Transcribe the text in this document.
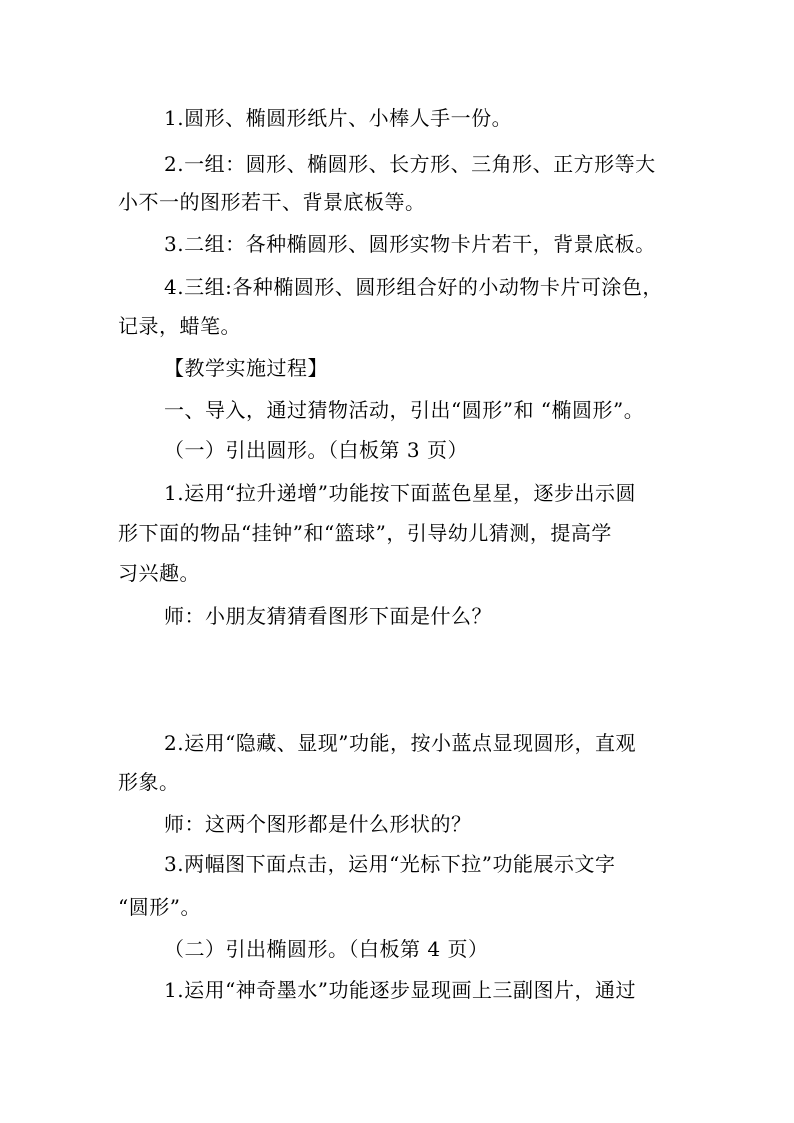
1.圆形、椭圆形纸片、小棒人手一份。
2.一组：圆形、椭圆形、长方形、三角形、正方形等大
小不一的图形若干、背景底板等。
3.二组：各种椭圆形、圆形实物卡片若干，背景底板。
4.三组:各种椭圆形、圆形组合好的小动物卡片可涂色，
记录，蜡笔。
【教学实施过程】
一、导入，通过猜物活动，引出“圆形”和 “椭圆形”。
（一）引出圆形。（白板第 3 页）
1.运用“拉升递增”功能按下面蓝色星星，逐步出示圆
形下面的物品“挂钟”和“篮球”，引导幼儿猜测，提高学
习兴趣。
师：小朋友猜猜看图形下面是什么？
2.运用“隐藏、显现”功能，按小蓝点显现圆形，直观
形象。
师：这两个图形都是什么形状的？
3.两幅图下面点击，运用“光标下拉”功能展示文字
“圆形”。
（二）引出椭圆形。（白板第 4 页）
1.运用“神奇墨水”功能逐步显现画上三副图片，通过
